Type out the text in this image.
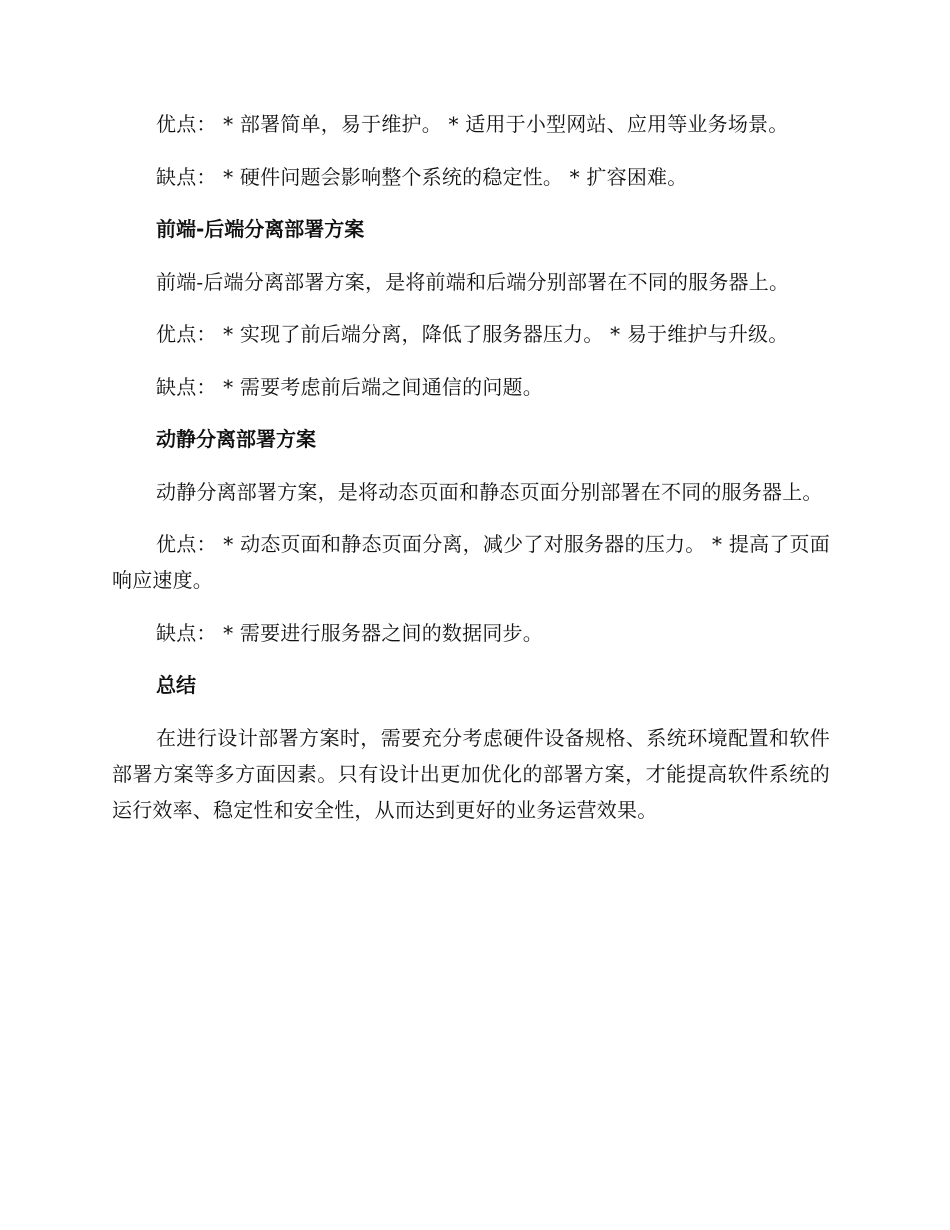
优点： * 部署简单，易于维护。 * 适用于小型网站、应用等业务场景。

缺点： * 硬件问题会影响整个系统的稳定性。 * 扩容困难。

前端-后端分离部署方案

前端-后端分离部署方案，是将前端和后端分别部署在不同的服务器上。

优点： * 实现了前后端分离，降低了服务器压力。 * 易于维护与升级。

缺点： * 需要考虑前后端之间通信的问题。

动静分离部署方案

动静分离部署方案，是将动态页面和静态页面分别部署在不同的服务器上。

优点： * 动态页面和静态页面分离，减少了对服务器的压力。 * 提高了页面响应速度。

缺点： * 需要进行服务器之间的数据同步。

总结

在进行设计部署方案时，需要充分考虑硬件设备规格、系统环境配置和软件部署方案等多方面因素。只有设计出更加优化的部署方案，才能提高软件系统的运行效率、稳定性和安全性，从而达到更好的业务运营效果。
